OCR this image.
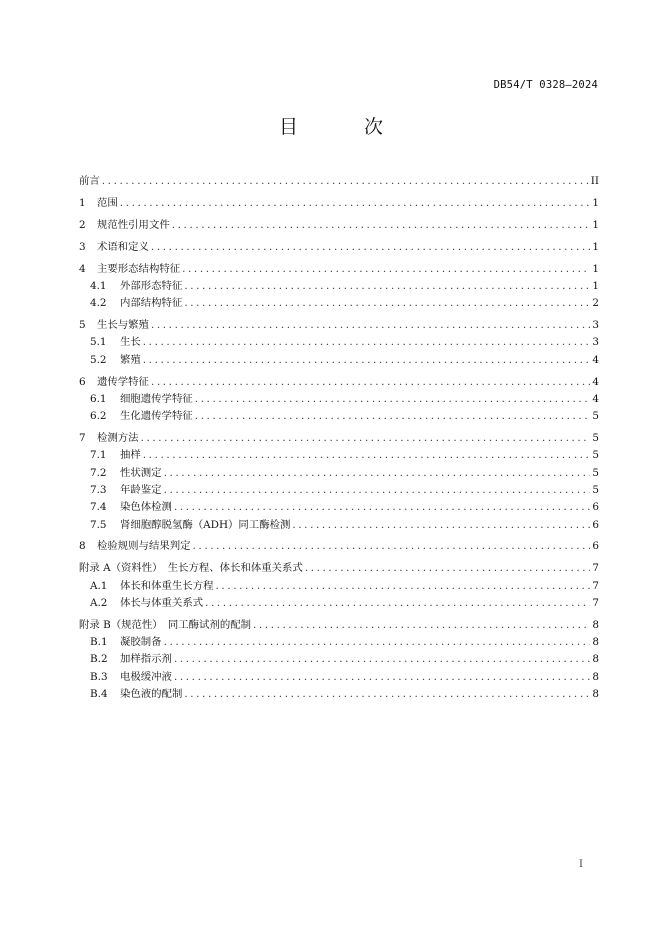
DB54/T 0328—2024
目 次
前言 .....	II
1 范围 .....	1
2 规范性引用文件 .....	1
3 术语和定义 .....	1
4 主要形态结构特征 .....	1
4.1 外部形态特征 .....	1
4.2 内部结构特征 .....	2
5 生长与繁殖 .....	3
5.1 生长 .....	3
5.2 繁殖 .....	4
6 遗传学特征 .....	4
6.1 细胞遗传学特征 .....	4
6.2 生化遗传学特征 .....	5
7 检测方法 .....	5
7.1 抽样 .....	5
7.2 性状测定 .....	5
7.3 年龄鉴定 .....	5
7.4 染色体检测 .....	6
7.5 肾细胞醇脱氢酶（ADH）同工酶检测 .....	6
8 检验规则与结果判定 .....	6
附录 A（资料性）　生长方程、体长和体重关系式 .....	7
A.1 体长和体重生长方程 .....	7
A.2 体长与体重关系式 .....	7
附录 B（规范性）　同工酶试剂的配制 .....	8
B.1 凝胶制备 .....	8
B.2 加样指示剂 .....	8
B.3 电极缓冲液 .....	8
B.4 染色液的配制 .....	8
I
